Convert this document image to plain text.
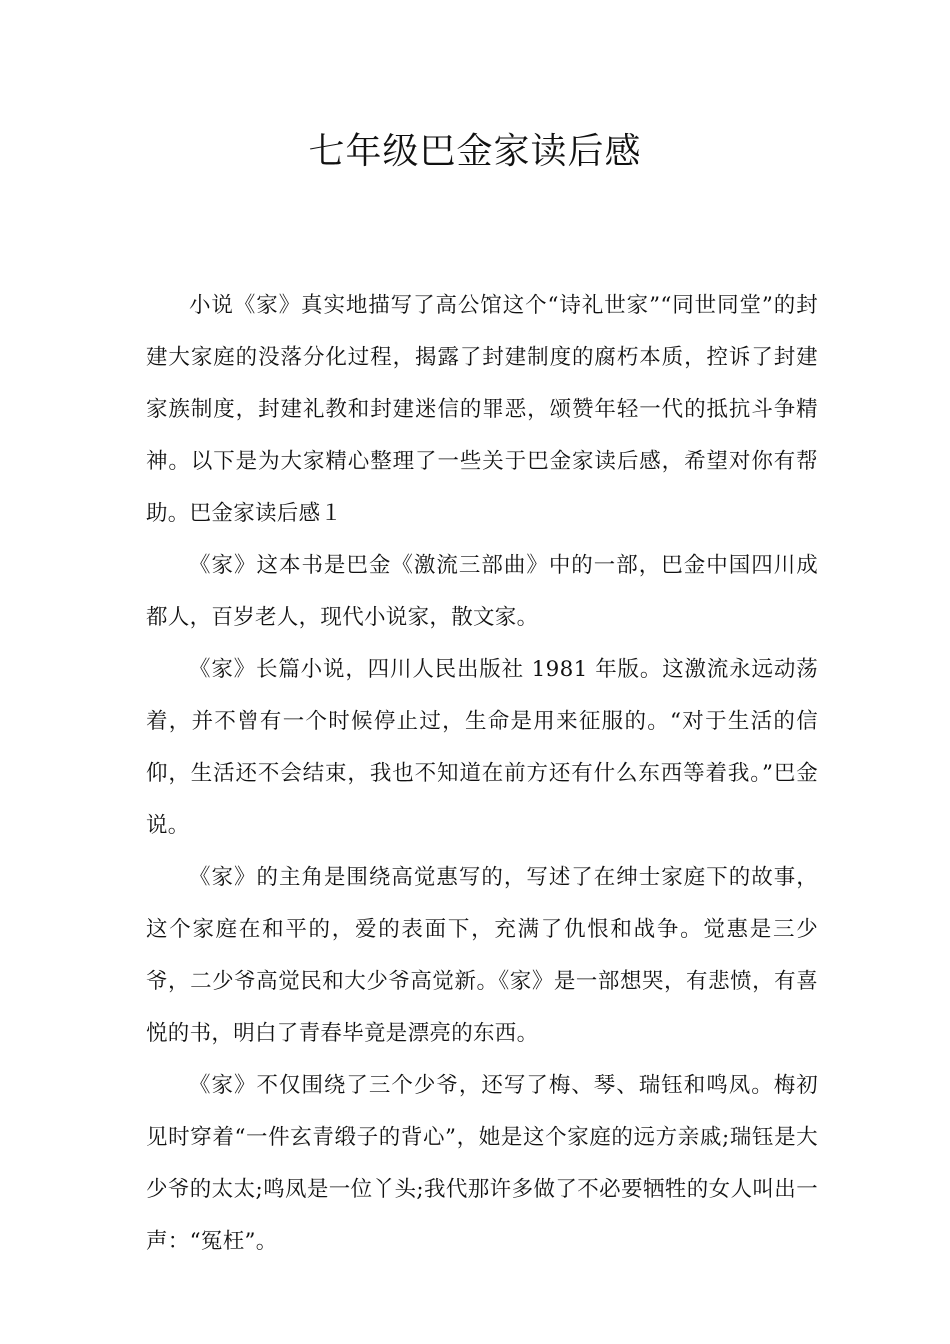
七年级巴金家读后感

小说《家》真实地描写了高公馆这个“诗礼世家”“同世同堂”的封建大家庭的没落分化过程，揭露了封建制度的腐朽本质，控诉了封建家族制度，封建礼教和封建迷信的罪恶，颂赞年轻一代的抵抗斗争精神。以下是为大家精心整理了一些关于巴金家读后感，希望对你有帮助。巴金家读后感１

《家》这本书是巴金《激流三部曲》中的一部，巴金中国四川成都人，百岁老人，现代小说家，散文家。

《家》长篇小说，四川人民出版社 1981 年版。这激流永远动荡着，并不曾有一个时候停止过，生命是用来征服的。“对于生活的信仰，生活还不会结束，我也不知道在前方还有什么东西等着我。”巴金说。

《家》的主角是围绕高觉惠写的，写述了在绅士家庭下的故事，这个家庭在和平的，爱的表面下，充满了仇恨和战争。觉惠是三少爷，二少爷高觉民和大少爷高觉新。《家》是一部想哭，有悲愤，有喜悦的书，明白了青春毕竟是漂亮的东西。

《家》不仅围绕了三个少爷，还写了梅、琴、瑞钰和鸣凤。梅初见时穿着“一件玄青缎子的背心”，她是这个家庭的远方亲戚;瑞钰是大少爷的太太;鸣凤是一位丫头;我代那许多做了不必要牺牲的女人叫出一声：“冤枉”。
